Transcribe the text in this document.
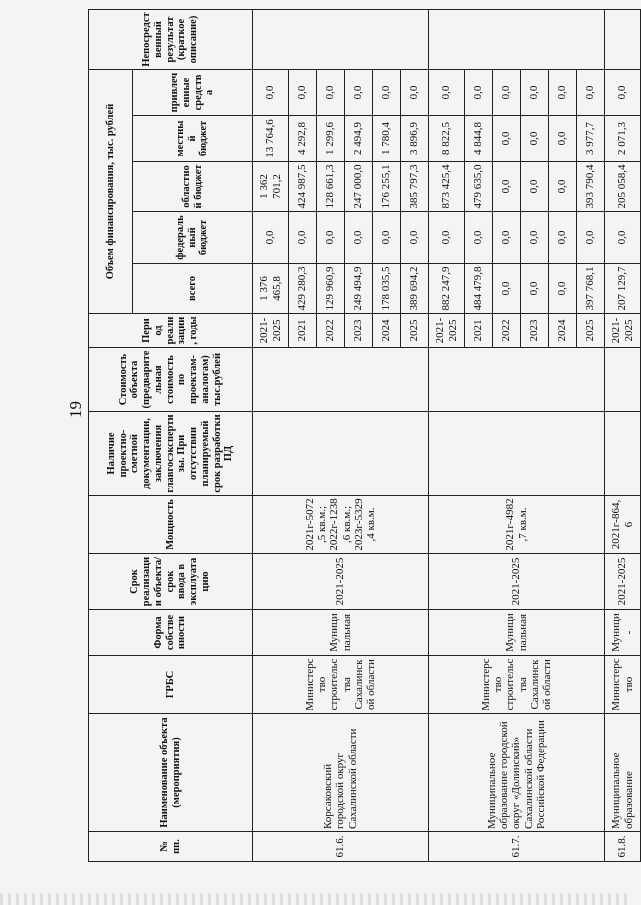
19
№ пп.	Наименование объекта (мероприятия)	ГРБС	Форма собственности	Срок реализации объекта/срок ввода в эксплуатацию	Мощность	Наличие проектно-сметной документации, заключения главгосэкспертизы. При отсутствии планируемый срок разработки ПД	Стоимость объекта (предварительная стоимость по проектам-аналогам) тыс.рублей	Период реализации, годы	Объем финансирования, тыс. рублей					Непосредственный результат (краткое описание)
									всего	федеральный бюджет	областной бюджет	местный бюджет	привлеченные средства	
61.6.	Корсаковский городской округ Сахалинской области	Министерство строительства Сахалинской области	Муниципальная	2021-2025	2021г-5072,5 кв.м.; 2022г-1238,6 кв.м.; 2023г-5329,4 кв.м.			2021-2025	1 376 465,8	0,0	1 362 701,2	13 764,6	0,0	
								2021	429 280,3	0,0	424 987,5	4 292,8	0,0	
								2022	129 960,9	0,0	128 661,3	1 299,6	0,0	
								2023	249 494,9	0,0	247 000,0	2 494,9	0,0	
								2024	178 035,5	0,0	176 255,1	1 780,4	0,0	
								2025	389 694,2	0,0	385 797,3	3 896,9	0,0	
61.7.	Муниципальное образование городской округ «Долинский» Сахалинской области Российской Федерации	Министерство строительства Сахалинской области	Муниципальная	2021-2025	2021г-4982,7 кв.м.			2021-2025	882 247,9	0,0	873 425,4	8 822,5	0,0	
								2021	484 479,8	0,0	479 635,0	4 844,8	0,0	
								2022	0,0	0,0	0,0	0,0	0,0	
								2023	0,0	0,0	0,0	0,0	0,0	
								2024	0,0	0,0	0,0	0,0	0,0	
								2025	397 768,1	0,0	393 790,4	3 977,7	0,0	
61.8.	Муниципальное образование	Министерство	Муници-	2021-2025	2021г-864,6			2021-2025	207 129,7	0,0	205 058,4	2 071,3	0,0	
